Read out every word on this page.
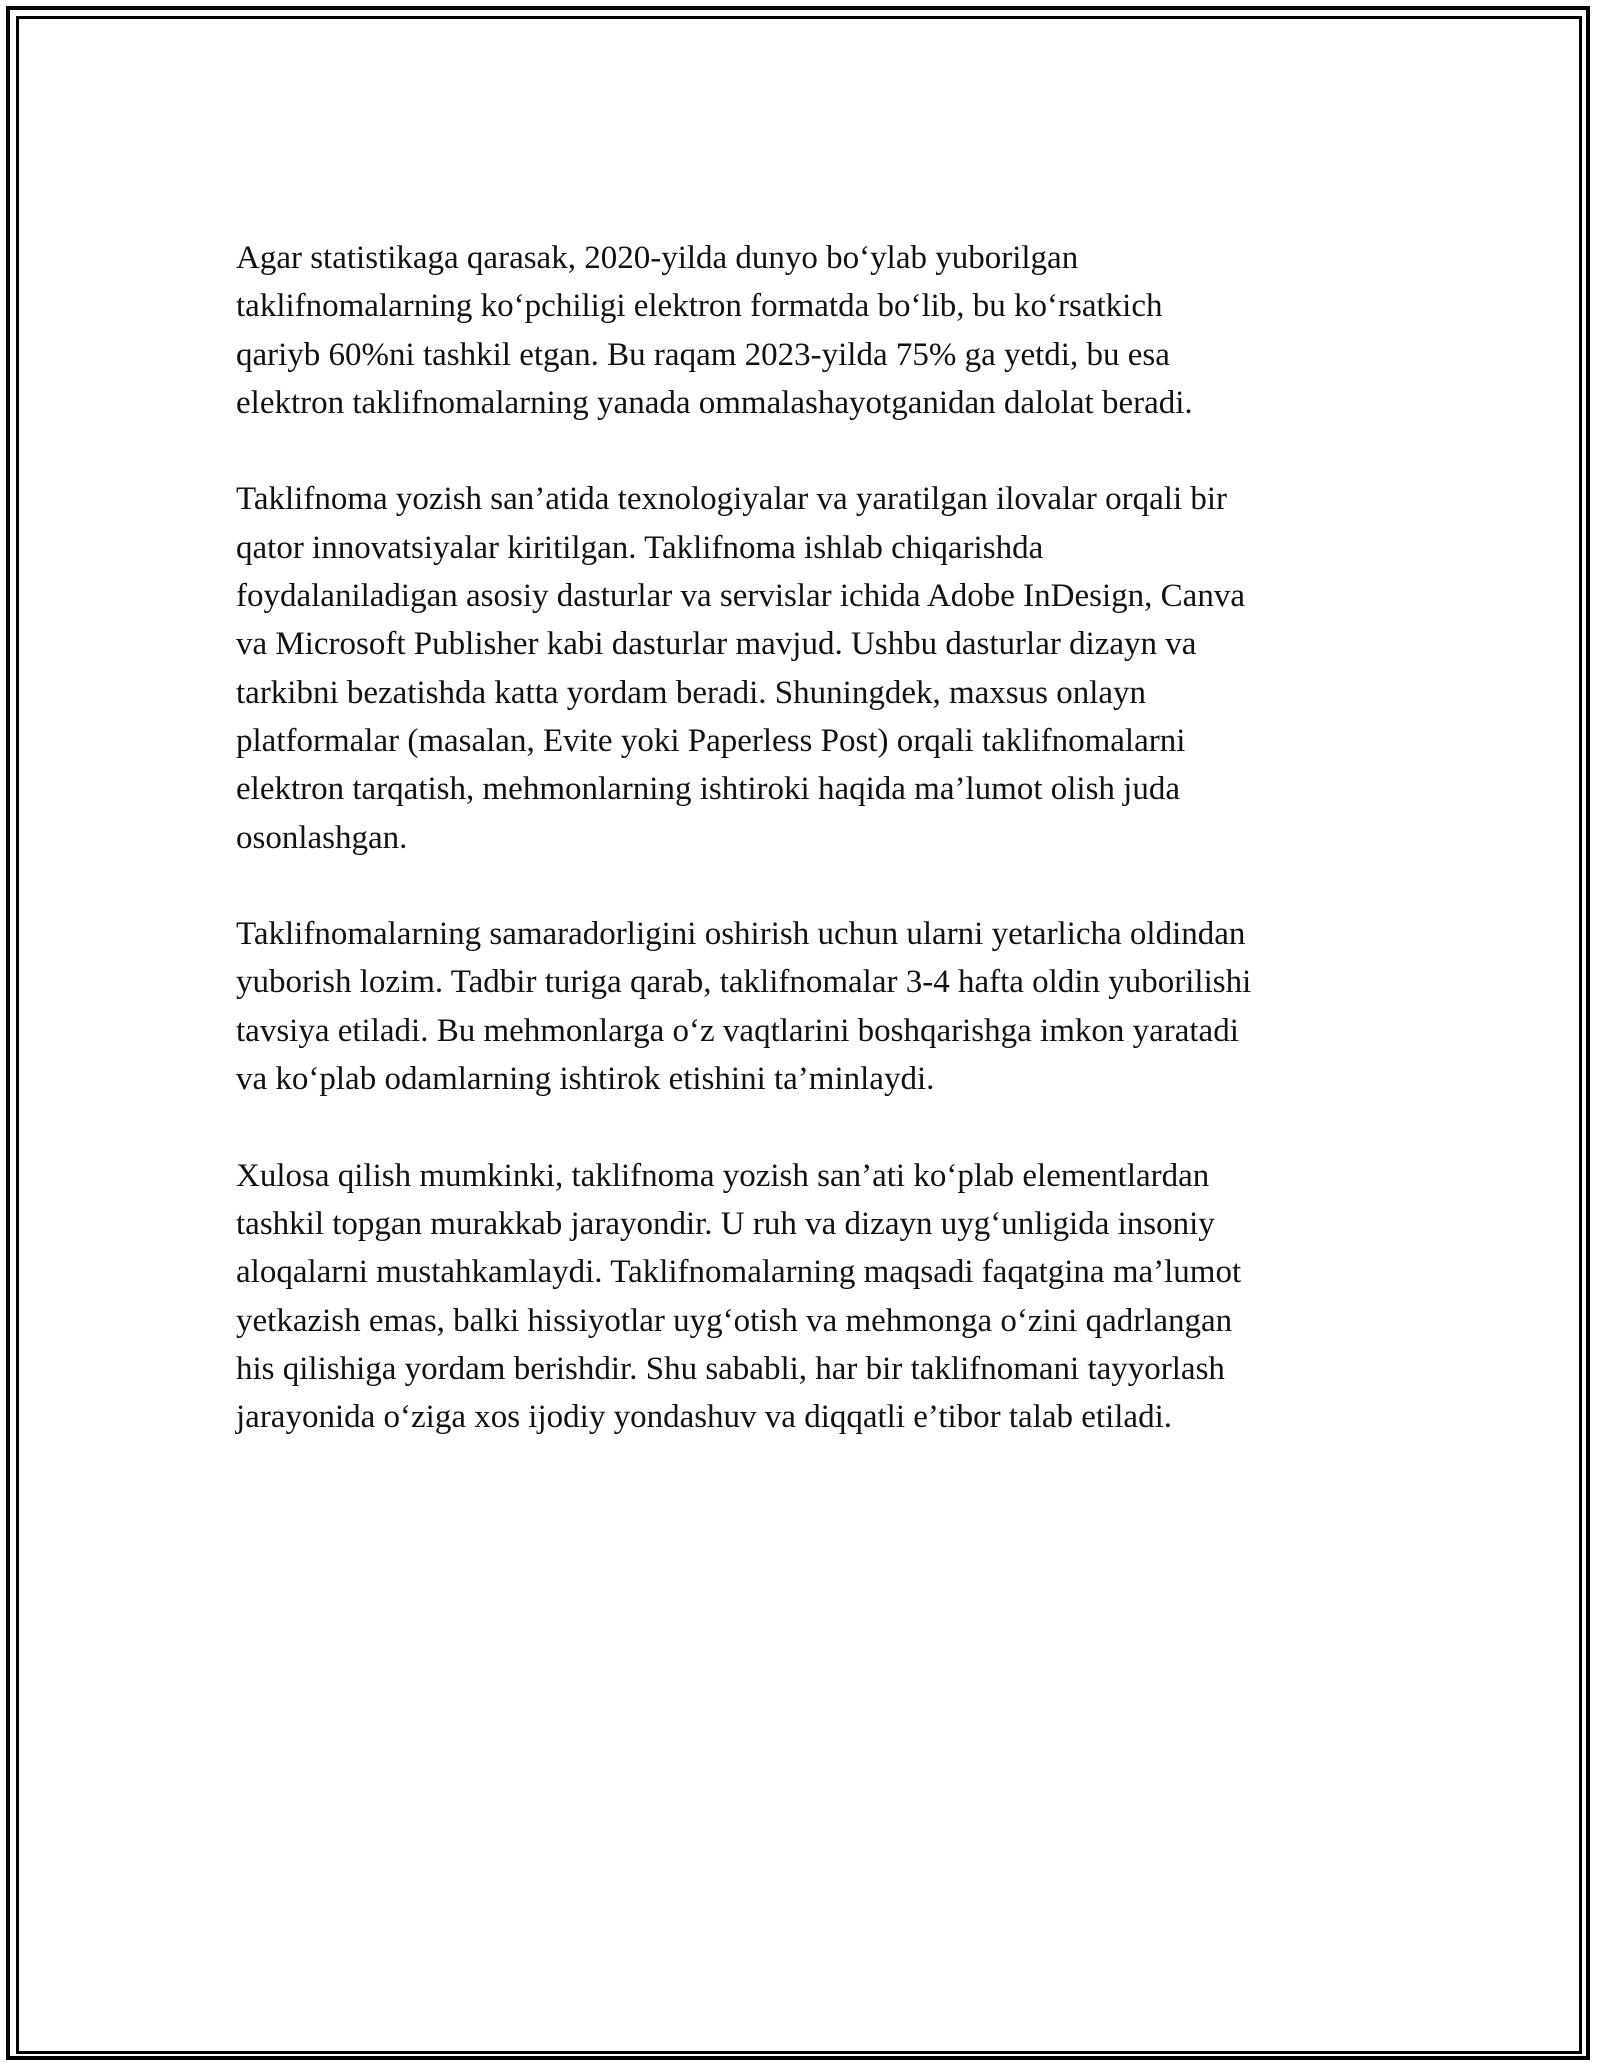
Agar statistikaga qarasak, 2020-yilda dunyo bo‘ylab yuborilgan
taklifnomalarning ko‘pchiligi elektron formatda bo‘lib, bu ko‘rsatkich
qariyb 60%ni tashkil etgan. Bu raqam 2023-yilda 75% ga yetdi, bu esa
elektron taklifnomalarning yanada ommalashayotganidan dalolat beradi.

Taklifnoma yozish san’atida texnologiyalar va yaratilgan ilovalar orqali bir
qator innovatsiyalar kiritilgan. Taklifnoma ishlab chiqarishda
foydalaniladigan asosiy dasturlar va servislar ichida Adobe InDesign, Canva
va Microsoft Publisher kabi dasturlar mavjud. Ushbu dasturlar dizayn va
tarkibni bezatishda katta yordam beradi. Shuningdek, maxsus onlayn
platformalar (masalan, Evite yoki Paperless Post) orqali taklifnomalarni
elektron tarqatish, mehmonlarning ishtiroki haqida ma’lumot olish juda
osonlashgan.

Taklifnomalarning samaradorligini oshirish uchun ularni yetarlicha oldindan
yuborish lozim. Tadbir turiga qarab, taklifnomalar 3-4 hafta oldin yuborilishi
tavsiya etiladi. Bu mehmonlarga o‘z vaqtlarini boshqarishga imkon yaratadi
va ko‘plab odamlarning ishtirok etishini ta’minlaydi.

Xulosa qilish mumkinki, taklifnoma yozish san’ati ko‘plab elementlardan
tashkil topgan murakkab jarayondir. U ruh va dizayn uyg‘unligida insoniy
aloqalarni mustahkamlaydi. Taklifnomalarning maqsadi faqatgina ma’lumot
yetkazish emas, balki hissiyotlar uyg‘otish va mehmonga o‘zini qadrlangan
his qilishiga yordam berishdir. Shu sababli, har bir taklifnomani tayyorlash
jarayonida o‘ziga xos ijodiy yondashuv va diqqatli e’tibor talab etiladi.
